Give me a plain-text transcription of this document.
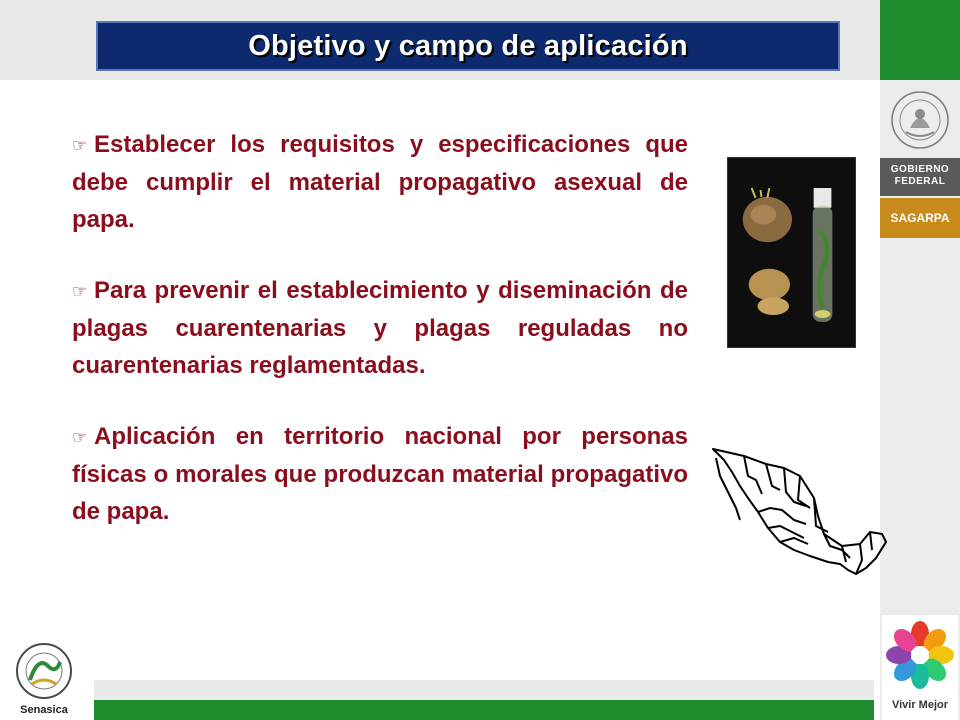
Objetivo y campo de aplicación
GOBIERNO
FEDERAL
SAGARPA

☞ Establecer los requisitos y especificaciones que debe cumplir el material propagativo asexual de papa.

☞ Para prevenir el establecimiento y diseminación de plagas cuarentenarias y plagas reguladas no cuarentenarias reglamentadas.

☞ Aplicación en territorio nacional por personas físicas o morales que produzcan material propagativo de papa.

Senasica	Vivir Mejor
